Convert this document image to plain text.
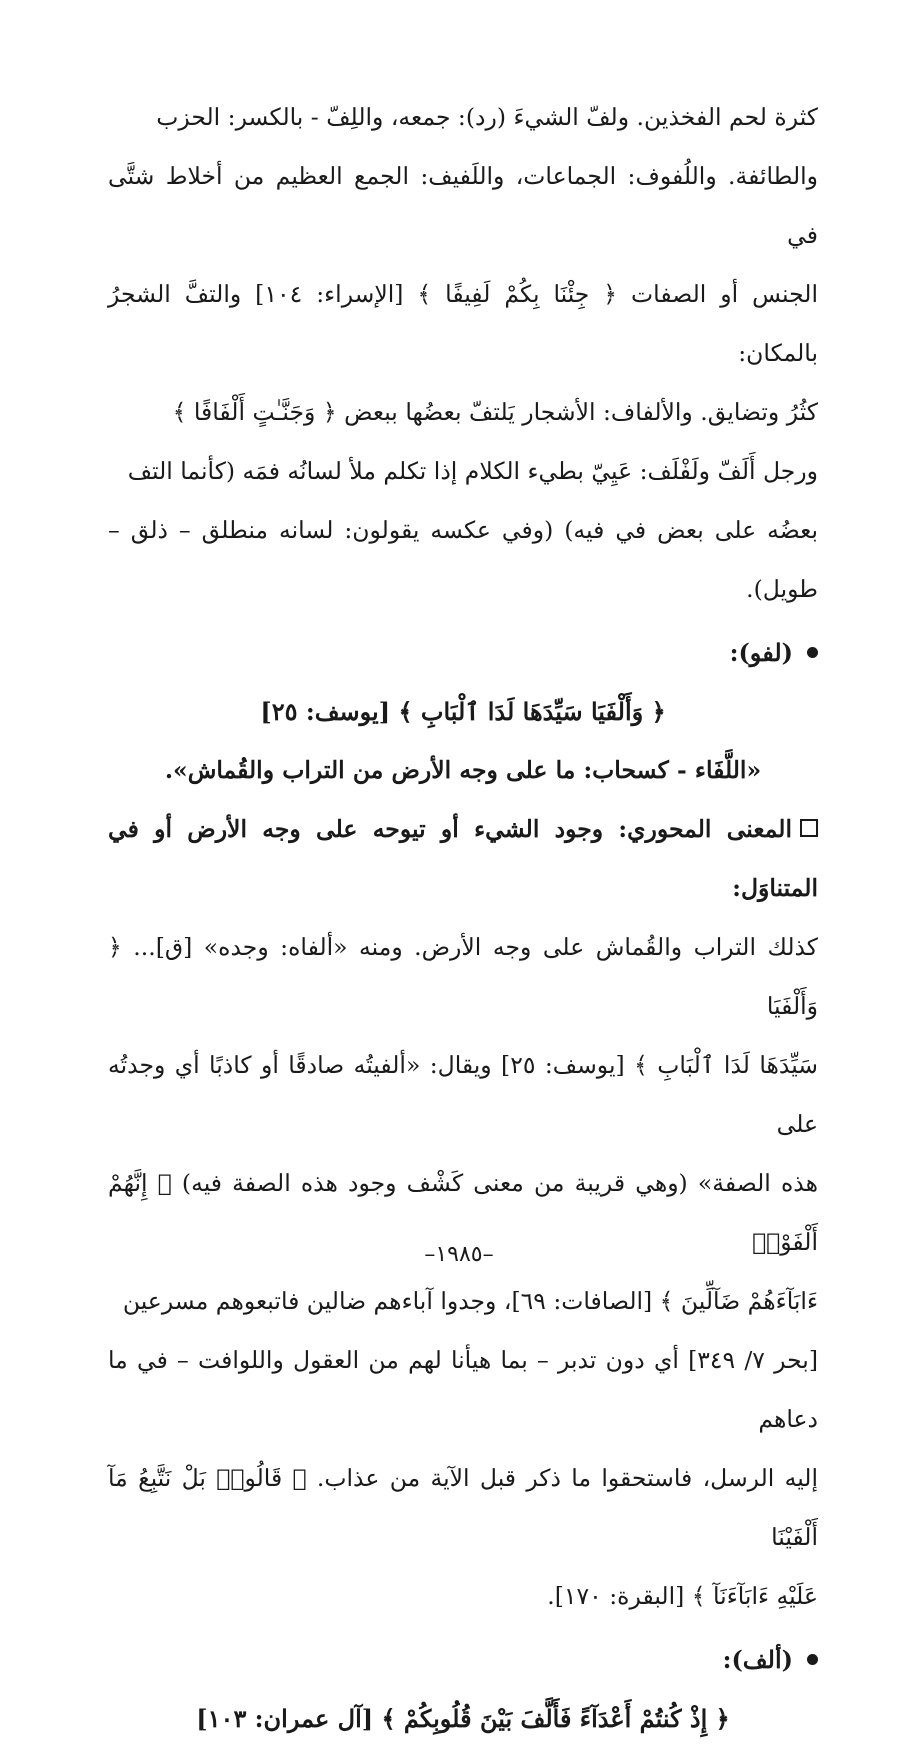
كثرة لحم الفخذين. ولفّ الشيءَ (رد): جمعه، واللِفّ - بالكسر: الحزب

والطائفة. واللُفوف: الجماعات، واللَفيف: الجمع العظيم من أخلاط شتَّى في

الجنس أو الصفات ﴿ جِئْنَا بِكُمْ لَفِيفًا ﴾ [الإسراء: ١٠٤] والتفَّ الشجرُ بالمكان:

كثُرُ وتضايق. والألفاف: الأشجار يَلتفّ بعضُها ببعض ﴿ وَجَنَّـٰتٍ أَلْفَافًا ﴾

ورجل أَلَفّ ولَفْلَف: عَيِيّ بطيء الكلام إذا تكلم ملأ لسانُه فمَه (كأنما التف

بعضُه على بعض في فيه) (وفي عكسه يقولون: لسانه منطلق – ذلق – طويل).

(لفو):

﴿ وَأَلْفَيَا سَيِّدَهَا لَدَا ٱلْبَابِ ﴾ [يوسف: ٢٥]

«اللَّفَاء - كسحاب: ما على وجه الأرض من التراب والقُماش».

المعنى المحوري: وجود الشيء أو تيوحه على وجه الأرض أو في المتناوَل:

كذلك التراب والقُماش على وجه الأرض. ومنه «ألفاه: وجده» [ق]... ﴿ وَأَلْفَيَا

سَيِّدَهَا لَدَا ٱلْبَابِ ﴾ [يوسف: ٢٥] ويقال: «ألفيتُه صادقًا أو كاذبًا أي وجدتُه على

هذه الصفة» (وهي قريبة من معنى كَشْف وجود هذه الصفة فيه) ﴿ إِنَّهُمْ أَلْفَوْا۟

ءَابَآءَهُمْ ضَآلِّينَ ﴾ [الصافات: ٦٩]، وجدوا آباءهم ضالين فاتبعوهم مسرعين

[بحر ٧/ ٣٤٩] أي دون تدبر – بما هيأنا لهم من العقول واللوافت – في ما دعاهم

إليه الرسل، فاستحقوا ما ذكر قبل الآية من عذاب. ﴿ قَالُوا۟ بَلْ نَتَّبِعُ مَآ أَلْفَيْنَا

عَلَيْهِ ءَابَآءَنَآ ﴾ [البقرة: ١٧٠].

(ألف):

﴿ إِذْ كُنتُمْ أَعْدَآءً فَأَلَّفَ بَيْنَ قُلُوبِكُمْ ﴾ [آل عمران: ١٠٣]

–١٩٨٥–
